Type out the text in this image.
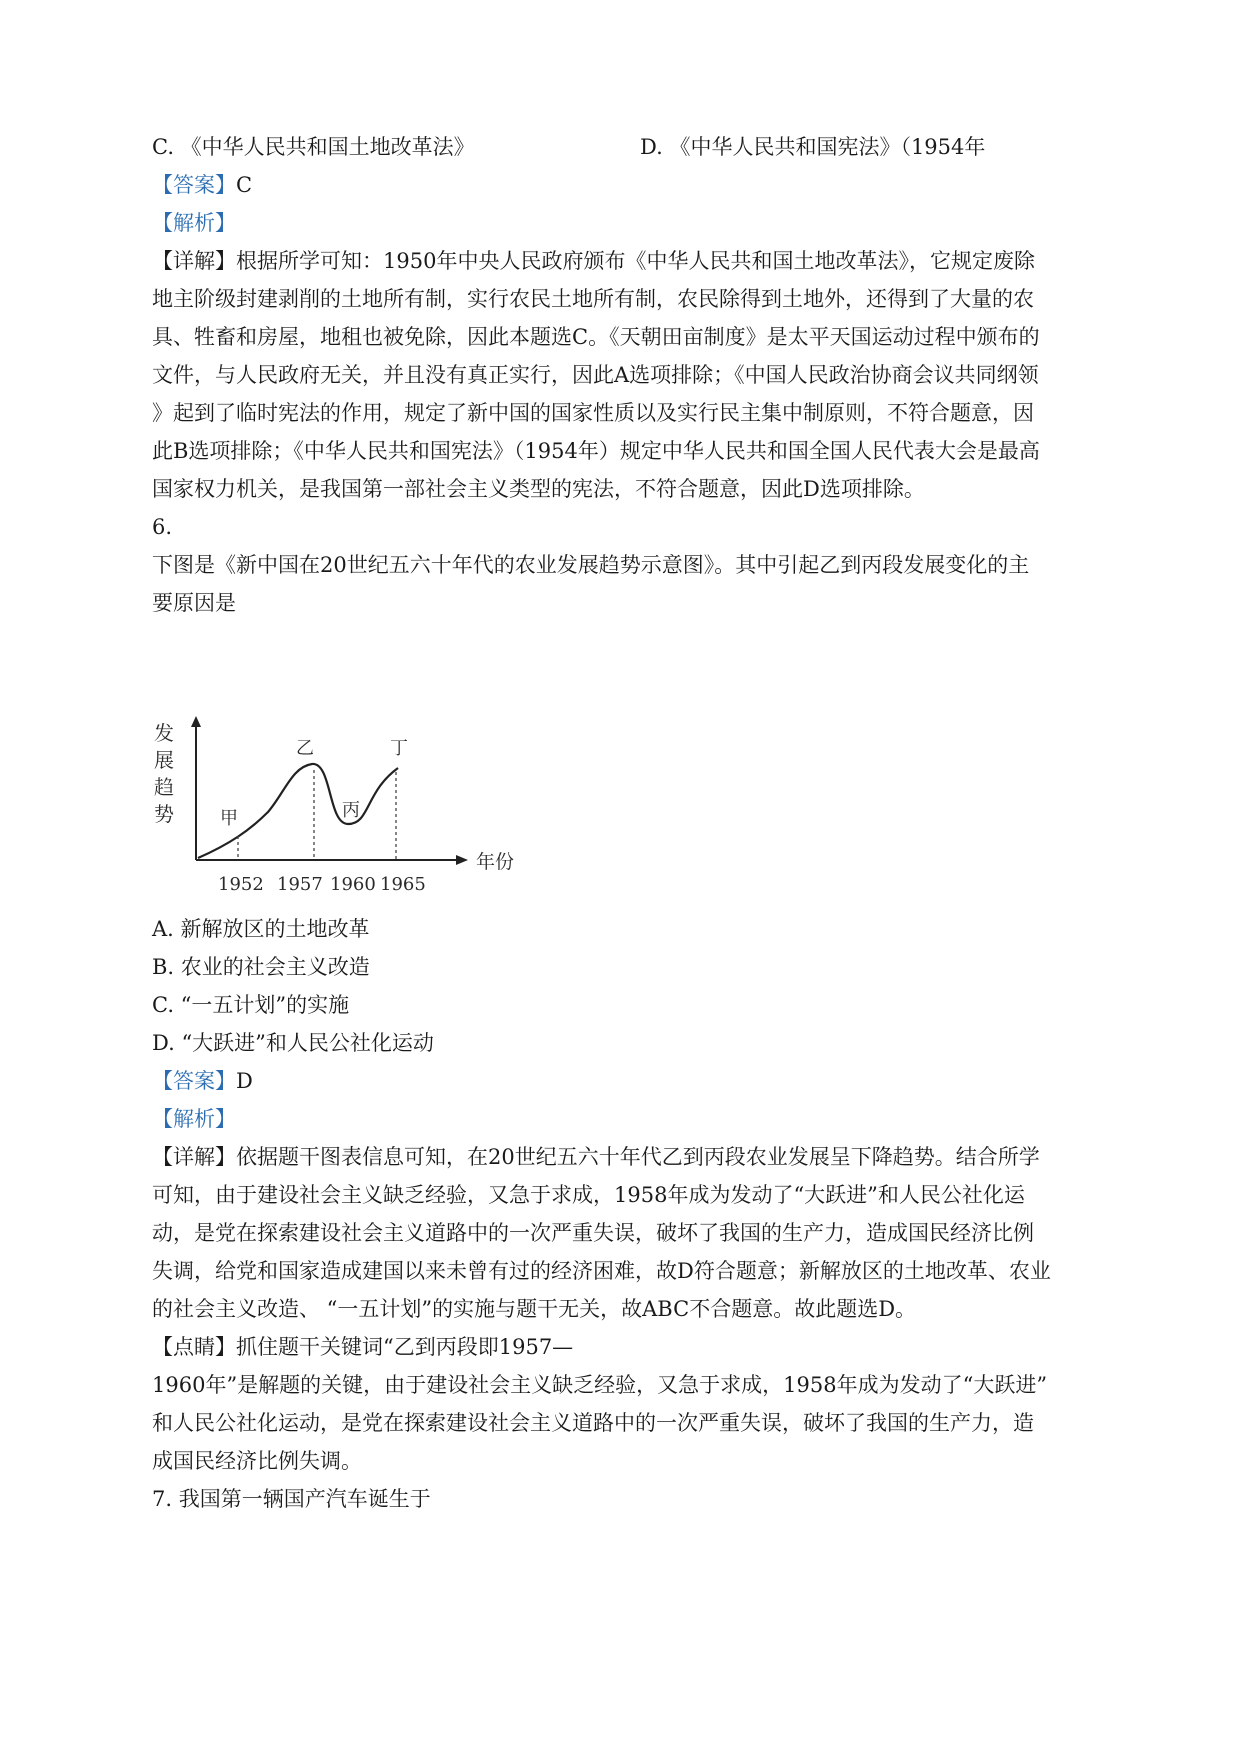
C. 《中华人民共和国土地改革法》	D. 《中华人民共和国宪法》（1954年
【答案】C
【解析】
【详解】根据所学可知：1950年中央人民政府颁布《中华人民共和国土地改革法》，它规定废除
地主阶级封建剥削的土地所有制，实行农民土地所有制，农民除得到土地外，还得到了大量的农
具、牲畜和房屋，地租也被免除，因此本题选C。《天朝田亩制度》是太平天国运动过程中颁布的
文件，与人民政府无关，并且没有真正实行，因此A选项排除；《中国人民政治协商会议共同纲领
》起到了临时宪法的作用，规定了新中国的国家性质以及实行民主集中制原则，不符合题意，因
此B选项排除；《中华人民共和国宪法》（1954年）规定中华人民共和国全国人民代表大会是最高
国家权力机关，是我国第一部社会主义类型的宪法，不符合题意，因此D选项排除。
6.
下图是《新中国在20世纪五六十年代的农业发展趋势示意图》。其中引起乙到丙段发展变化的主
要原因是
发
展
趋
势
年份
甲
乙
丙
丁
1952 1957 1960 1965
A. 新解放区的土地改革
B. 农业的社会主义改造
C. “一五计划”的实施
D. “大跃进”和人民公社化运动
【答案】D
【解析】
【详解】依据题干图表信息可知，在20世纪五六十年代乙到丙段农业发展呈下降趋势。结合所学
可知，由于建设社会主义缺乏经验，又急于求成，1958年成为发动了“大跃进”和人民公社化运
动，是党在探索建设社会主义道路中的一次严重失误，破坏了我国的生产力，造成国民经济比例
失调，给党和国家造成建国以来未曾有过的经济困难，故D符合题意；新解放区的土地改革、农业
的社会主义改造、 “一五计划”的实施与题干无关，故ABC不合题意。故此题选D。
【点睛】抓住题干关键词“乙到丙段即1957—
1960年”是解题的关键，由于建设社会主义缺乏经验，又急于求成，1958年成为发动了“大跃进”
和人民公社化运动，是党在探索建设社会主义道路中的一次严重失误，破坏了我国的生产力，造
成国民经济比例失调。
7. 我国第一辆国产汽车诞生于
